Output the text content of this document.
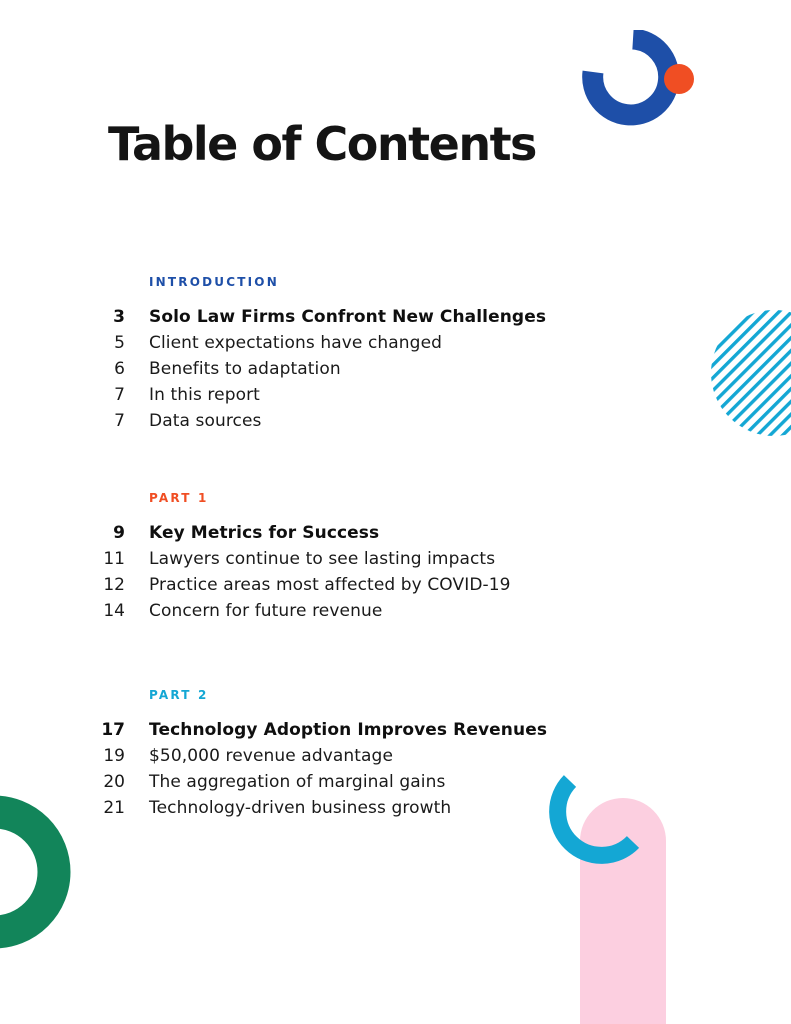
Table of Contents
INTRODUCTION
3 Solo Law Firms Confront New Challenges
5 Client expectations have changed
6 Benefits to adaptation
7 In this report
7 Data sources
PART 1
9 Key Metrics for Success
11 Lawyers continue to see lasting impacts
12 Practice areas most affected by COVID-19
14 Concern for future revenue
PART 2
17 Technology Adoption Improves Revenues
19 $50,000 revenue advantage
20 The aggregation of marginal gains
21 Technology-driven business growth
